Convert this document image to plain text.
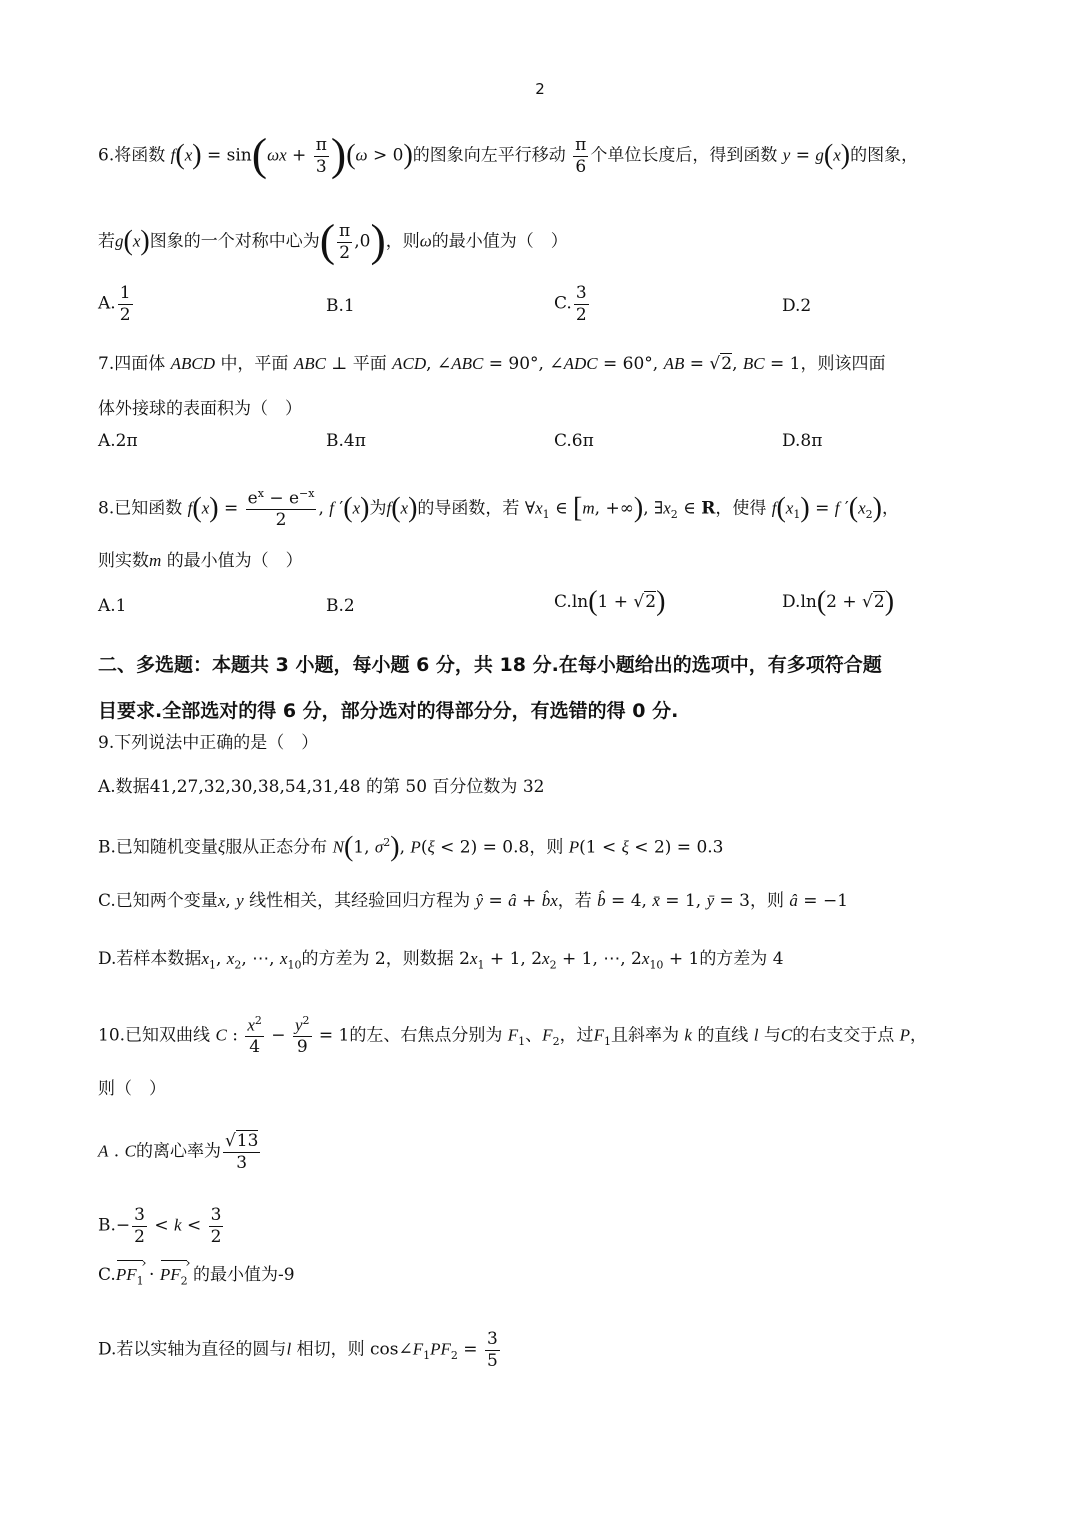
2
6.将函数 $f(x) = \sin(\omega x + \frac{\pi}{3} )(\omega > 0)$的图象向左平行移动 $\frac{\pi}{6}$ 个单位长度后，得到函数 y = g(x)的图象，
若g(x)图象的一个对称中心为( $\frac{\pi}{2} ,0$)，则ω的最小值为（　）
A. $\frac{1}{2}$	B.1	C. $\frac{3}{2}$	D.2
7.四面体 ABCD 中，平面 ABC ⊥ 平面 ACD, ∠ABC = 90°, ∠ADC = 60°, AB = √2, BC = 1，则该四面
体外接球的表面积为（　）
A.2π	B.4π	C.6π	D.8π
8.已知函数 $f(x) = \frac{e^x - e^{-x}}{2}$ , f ′(x)为f(x)的导函数，若 $\forall x_1$ ∈ [m, +∞), $\exists x_2$ ∈ R，使得 $f(x_1) = f$ $'(x_2)$，
则实数m 的最小值为（　）
A.1	B.2	C.ln(1 + √2)	D.ln(2 + √2)
二、多选题：本题共 3 小题，每小题 6 分，共 18 分.在每小题给出的选项中，有多项符合题
目要求.全部选对的得 6 分，部分选对的得部分分，有选错的得 0 分.
9.下列说法中正确的是（　）
A.数据41,27,32,30,38,54,31,48 的第 50 百分位数为 32
B.已知随机变量ξ服从正态分布 N(1, $\sigma^2$), P(ξ < 2) = 0.8，则 P(1 < ξ < 2) = 0.3
C.已知两个变量x, y 线性相关，其经验回归方程为 ŷ = â + b̂x，若 b̂ = 4, x̄ = 1, ȳ = 3，则 â = −1
D.若样本数据$x_1$, $x_2$, ⋯, $x_{10}$的方差为 2，则数据 $2x_1 + 1$, $2x_2 + 1$, ⋯, $2x_{10} + 1$的方差为 4
10.已知双曲线 C : $\frac{x^2}{4} - \frac{y^2}{9} = 1$的左、右焦点分别为 $F_1$、$F_2$，过$F_1$且斜率为 k 的直线 l 与C的右支交于点 P，
则（　）
A . C的离心率为 $\frac{√13}{3}$
$B.- \frac{3}{2} < k < \frac{3}{2}$
$C.PF_1$ › · $PF_2$ › 的最小值为-9
D.若以实轴为直径的圆与l 相切，则 $\cos\angle F_1PF_2 = \frac{3}{5}$
